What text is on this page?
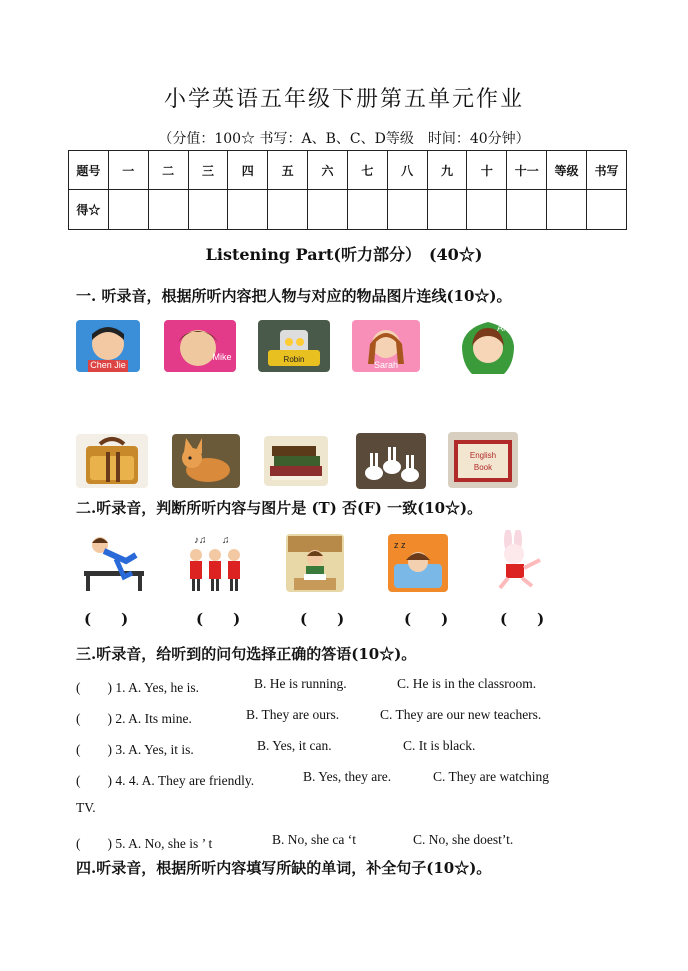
小学英语五年级下册第五单元作业
（分值：100☆ 书写：A、B、C、D等级　时间：40分钟）
题号	一	二	三	四	五	六	七	八	九	十	十一	等级	书写
得☆													
Listening Part(听力部分）　(40☆)
一. 听录音，根据所听内容把人物与对应的物品图片连线(10☆)。
Chen Jie
Mike	Robin
Sarah
Amy
English
Book
二.听录音，判断所听内容与图片是 (T) 否(F) 一致(10☆)。
♪♫ ♫	z z
(　　)	(　　)	(　　)	(　　)	(　　)
三.听录音，给听到的问句选择正确的答语(10☆)。
(　　) 1. A. Yes, he is.	B. He is running.	C. He is in the classroom.
(　　) 2. A. Its mine.	B. They are ours.	C. They are our new teachers.
(　　) 3. A. Yes, it is.	B. Yes, it can.	C. It is black.
(　　) 4. 4. A. They are friendly.	B. Yes, they are.	C. They are watching
TV.
(　　) 5. A. No, she is ’ t	B. No, she ca ‘t	C. No, she doest’t.
四.听录音，根据所听内容填写所缺的单词，补全句子(10☆)。
